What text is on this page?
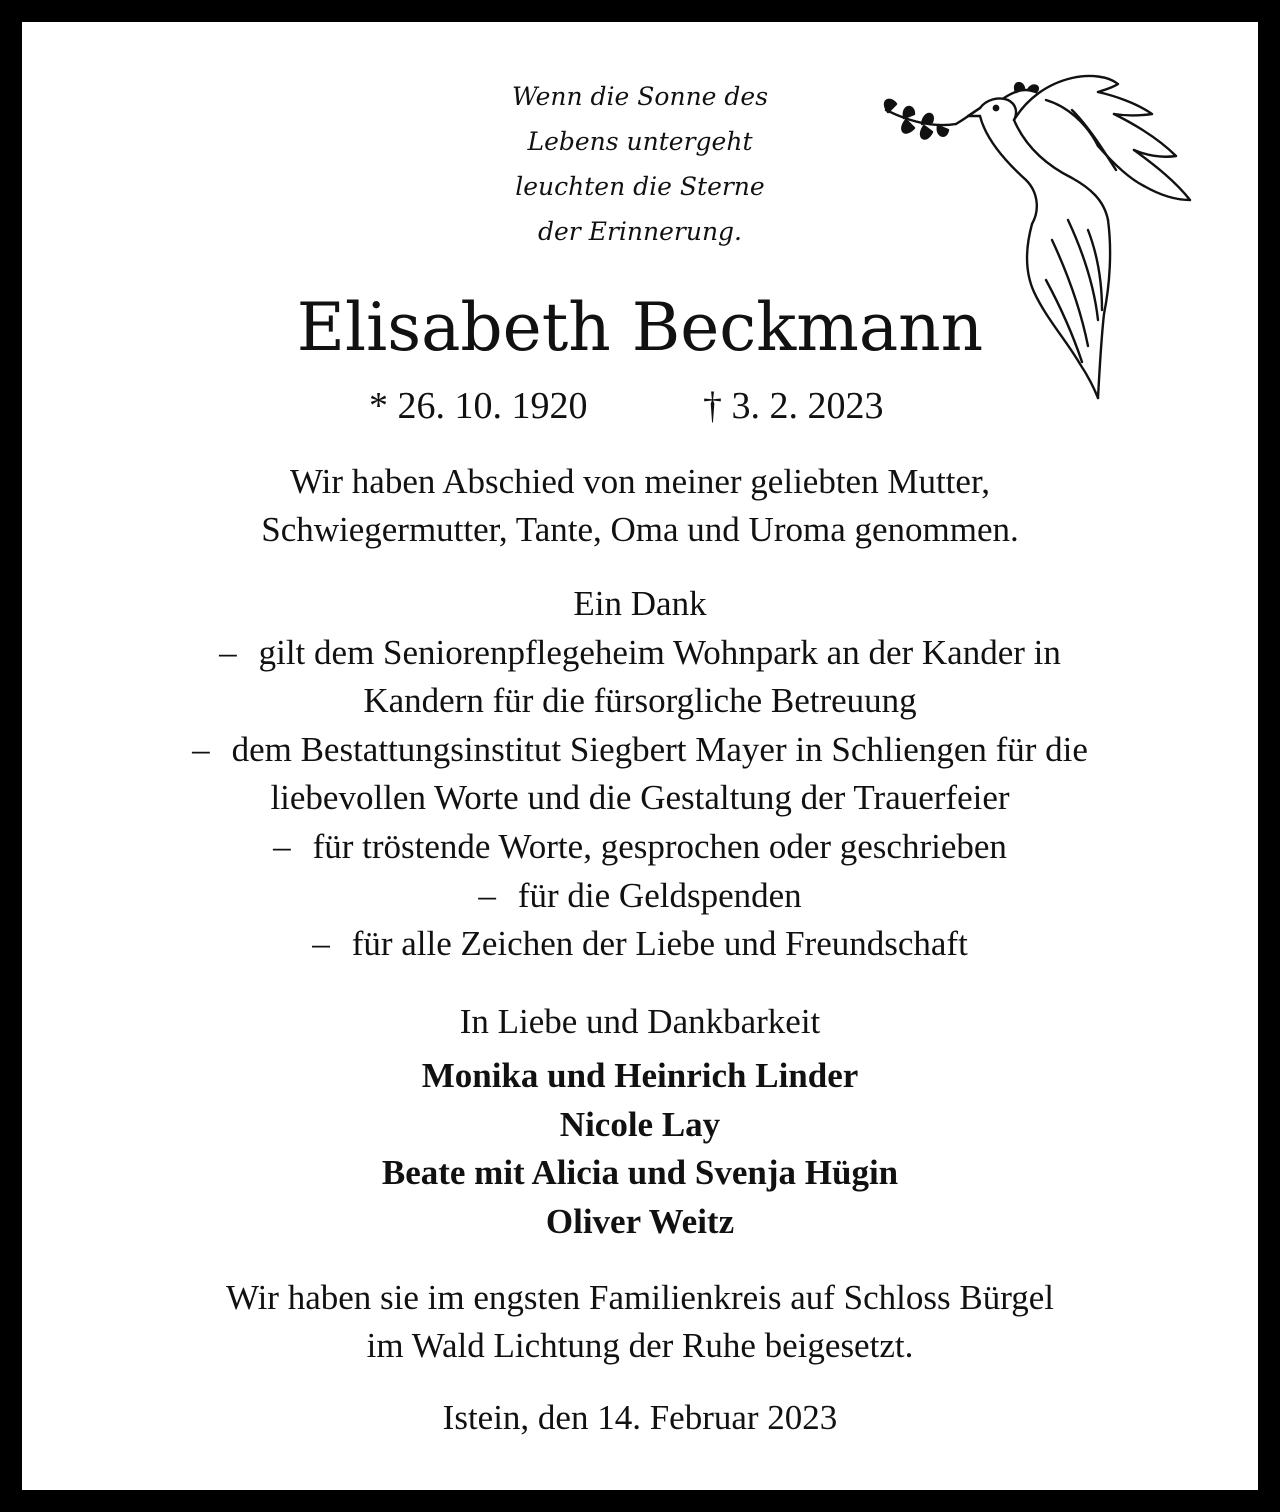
Wenn die Sonne des
Lebens untergeht
leuchten die Sterne
der Erinnerung.
Elisabeth Beckmann
* 26. 10. 1920	† 3. 2. 2023
Wir haben Abschied von meiner geliebten Mutter,
Schwiegermutter, Tante, Oma und Uroma genommen.
Ein Dank
– gilt dem Seniorenpflegeheim Wohnpark an der Kander in
Kandern für die fürsorgliche Betreuung
– dem Bestattungsinstitut Siegbert Mayer in Schliengen für die
liebevollen Worte und die Gestaltung der Trauerfeier
– für tröstende Worte, gesprochen oder geschrieben
– für die Geldspenden
– für alle Zeichen der Liebe und Freundschaft
In Liebe und Dankbarkeit
Monika und Heinrich Linder
Nicole Lay
Beate mit Alicia und Svenja Hügin
Oliver Weitz
Wir haben sie im engsten Familienkreis auf Schloss Bürgel
im Wald Lichtung der Ruhe beigesetzt.
Istein, den 14. Februar 2023
